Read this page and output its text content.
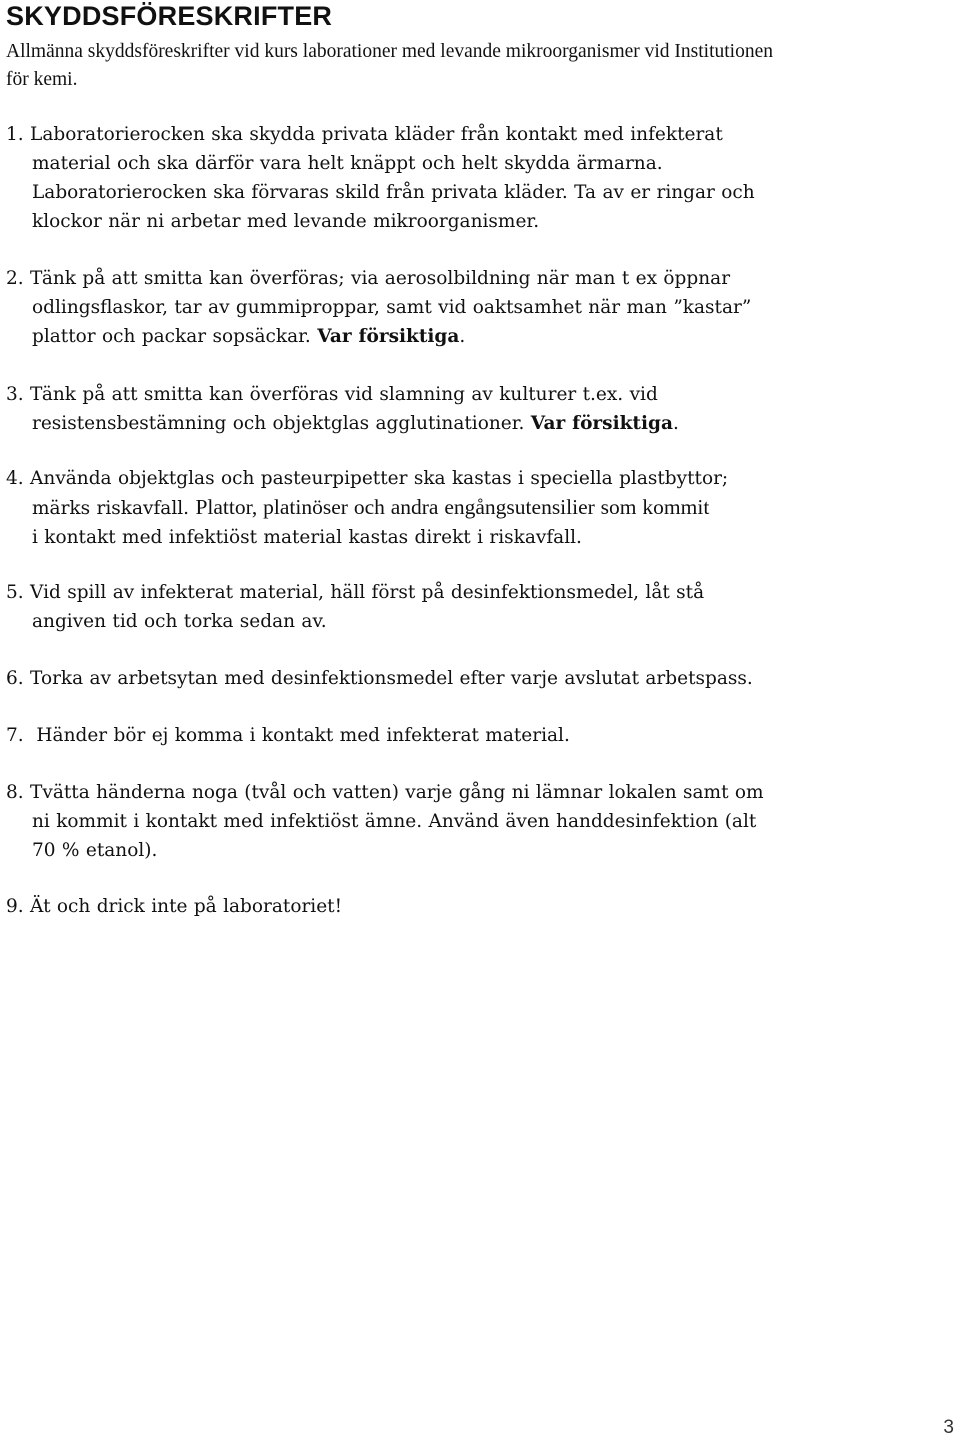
SKYDDSFÖRESKRIFTER

Allmänna skyddsföreskrifter vid kurs laborationer med levande mikroorganismer vid Institutionen
för kemi.

1. Laboratorierocken ska skydda privata kläder från kontakt med infekterat
material och ska därför vara helt knäppt och helt skydda ärmarna.
Laboratorierocken ska förvaras skild från privata kläder. Ta av er ringar och
klockor när ni arbetar med levande mikroorganismer.
2. Tänk på att smitta kan överföras; via aerosolbildning när man t ex öppnar
odlingsflaskor, tar av gummiproppar, samt vid oaktsamhet när man ”kastar”
plattor och packar sopsäckar. Var försiktiga.
3. Tänk på att smitta kan överföras vid slamning av kulturer t.ex. vid
resistensbestämning och objektglas agglutinationer. Var försiktiga.
4. Använda objektglas och pasteurpipetter ska kastas i speciella plastbyttor;
märks riskavfall. Plattor, platinöser och andra engångsutensilier som kommit
i kontakt med infektiöst material kastas direkt i riskavfall.
5. Vid spill av infekterat material, häll först på desinfektionsmedel, låt stå
angiven tid och torka sedan av.
6. Torka av arbetsytan med desinfektionsmedel efter varje avslutat arbetspass.
7. Händer bör ej komma i kontakt med infekterat material.
8. Tvätta händerna noga (tvål och vatten) varje gång ni lämnar lokalen samt om
ni kommit i kontakt med infektiöst ämne. Använd även handdesinfektion (alt
70 % etanol).
9. Ät och drick inte på laboratoriet!

3
